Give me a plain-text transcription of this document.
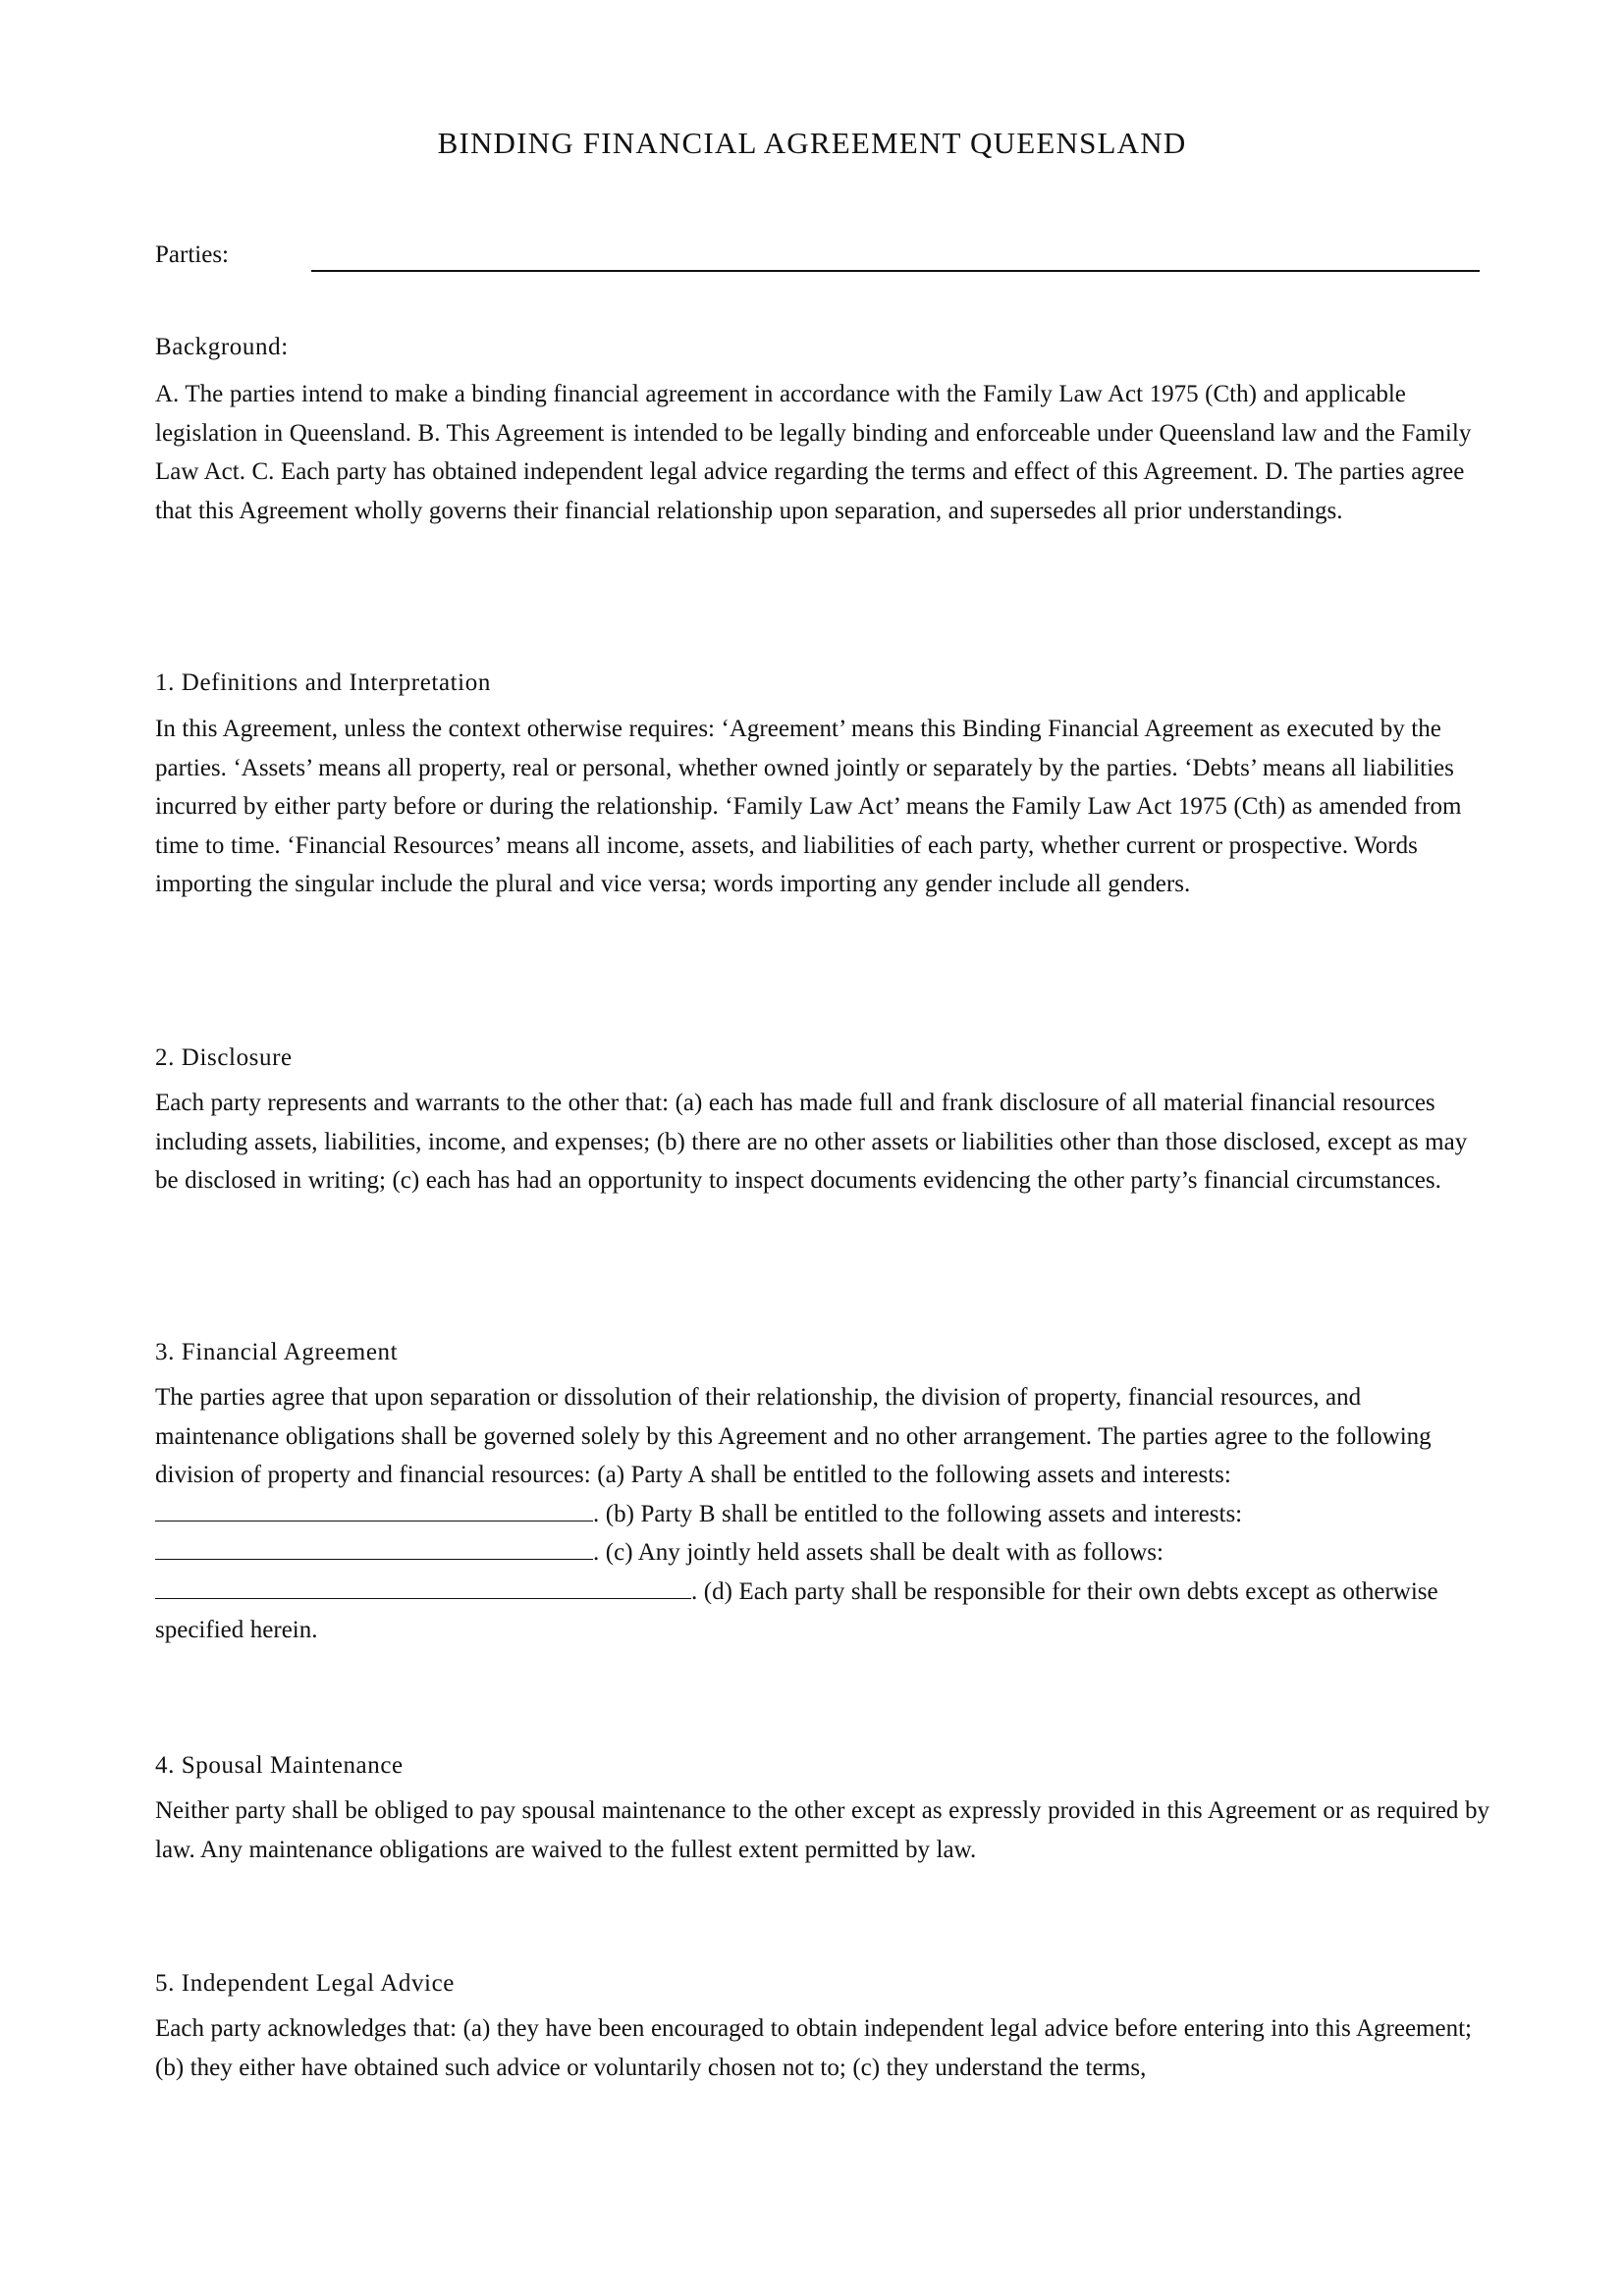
BINDING FINANCIAL AGREEMENT QUEENSLAND
Parties:
Background:

A. The parties intend to make a binding financial agreement in accordance with the Family Law Act 1975 (Cth) and applicable legislation in Queensland. B. This Agreement is intended to be legally binding and enforceable under Queensland law and the Family Law Act. C. Each party has obtained independent legal advice regarding the terms and effect of this Agreement. D. The parties agree that this Agreement wholly governs their financial relationship upon separation, and supersedes all prior understandings.

1. Definitions and Interpretation

In this Agreement, unless the context otherwise requires: ‘Agreement’ means this Binding Financial Agreement as executed by the parties. ‘Assets’ means all property, real or personal, whether owned jointly or separately by the parties. ‘Debts’ means all liabilities incurred by either party before or during the relationship. ‘Family Law Act’ means the Family Law Act 1975 (Cth) as amended from time to time. ‘Financial Resources’ means all income, assets, and liabilities of each party, whether current or prospective. Words importing the singular include the plural and vice versa; words importing any gender include all genders.

2. Disclosure

Each party represents and warrants to the other that: (a) each has made full and frank disclosure of all material financial resources including assets, liabilities, income, and expenses; (b) there are no other assets or liabilities other than those disclosed, except as may be disclosed in writing; (c) each has had an opportunity to inspect documents evidencing the other party’s financial circumstances.

3. Financial Agreement

The parties agree that upon separation or dissolution of their relationship, the division of property, financial resources, and maintenance obligations shall be governed solely by this Agreement and no other arrangement. The parties agree to the following division of property and financial resources: (a) Party A shall be entitled to the following assets and interests: . (b) Party B shall be entitled to the following assets and interests: . (c) Any jointly held assets shall be dealt with as follows: . (d) Each party shall be responsible for their own debts except as otherwise specified herein.

4. Spousal Maintenance

Neither party shall be obliged to pay spousal maintenance to the other except as expressly provided in this Agreement or as required by law. Any maintenance obligations are waived to the fullest extent permitted by law.

5. Independent Legal Advice

Each party acknowledges that: (a) they have been encouraged to obtain independent legal advice before entering into this Agreement; (b) they either have obtained such advice or voluntarily chosen not to; (c) they understand the terms,
